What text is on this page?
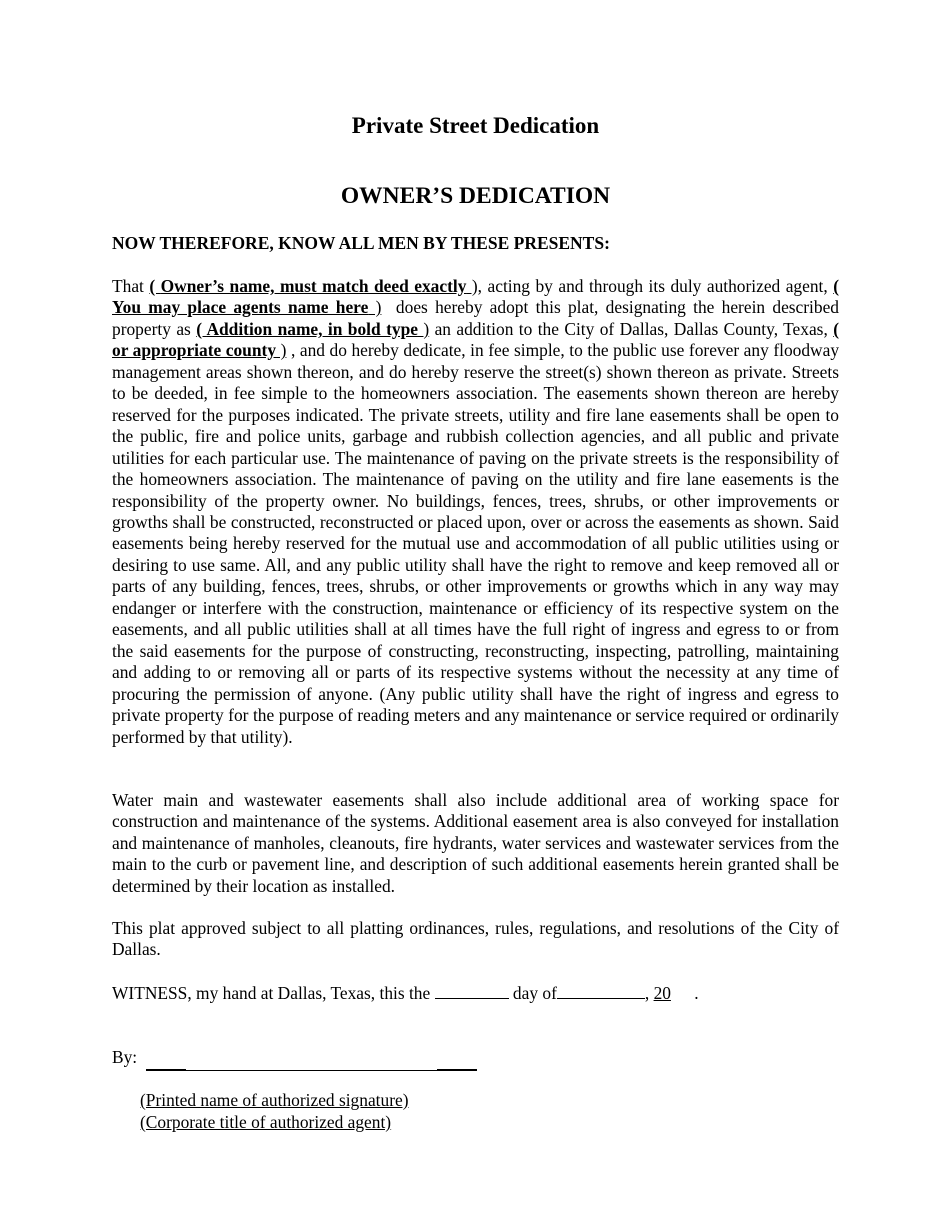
Private Street Dedication
OWNER’S DEDICATION
NOW THEREFORE, KNOW ALL MEN BY THESE PRESENTS:
That ( Owner’s name, must match deed exactly ), acting by and through its duly authorized agent, ( You may place agents name here )  does hereby adopt this plat, designating the herein described property as ( Addition name, in bold type ) an addition to the City of Dallas, Dallas County, Texas, ( or appropriate county ) , and do hereby dedicate, in fee simple, to the public use forever any floodway management areas shown thereon, and do hereby reserve the street(s) shown thereon as private. Streets to be deeded, in fee simple to the homeowners association. The easements shown thereon are hereby reserved for the purposes indicated. The private streets, utility and fire lane easements shall be open to the public, fire and police units, garbage and rubbish collection agencies, and all public and private utilities for each particular use. The maintenance of paving on the private streets is the responsibility of the homeowners association. The maintenance of paving on the utility and fire lane easements is the responsibility of the property owner. No buildings, fences, trees, shrubs, or other improvements or growths shall be constructed, reconstructed or placed upon, over or across the easements as shown. Said easements being hereby reserved for the mutual use and accommodation of all public utilities using or desiring to use same. All, and any public utility shall have the right to remove and keep removed all or parts of any building, fences, trees, shrubs, or other improvements or growths which in any way may endanger or interfere with the construction, maintenance or efficiency of its respective system on the easements, and all public utilities shall at all times have the full right of ingress and egress to or from the said easements for the purpose of constructing, reconstructing, inspecting, patrolling, maintaining and adding to or removing all or parts of its respective systems without the necessity at any time of procuring the permission of anyone. (Any public utility shall have the right of ingress and egress to private property for the purpose of reading meters and any maintenance or service required or ordinarily performed by that utility).
Water main and wastewater easements shall also include additional area of working space for construction and maintenance of the systems. Additional easement area is also conveyed for installation and maintenance of manholes, cleanouts, fire hydrants, water services and wastewater services from the main to the curb or pavement line, and description of such additional easements herein granted shall be determined by their location as installed.
This plat approved subject to all platting ordinances, rules, regulations, and resolutions of the City of Dallas.
WITNESS, my hand at Dallas, Texas, this the	day of	, 20 .
By:
(Printed name of authorized signature)
(Corporate title of authorized agent)
